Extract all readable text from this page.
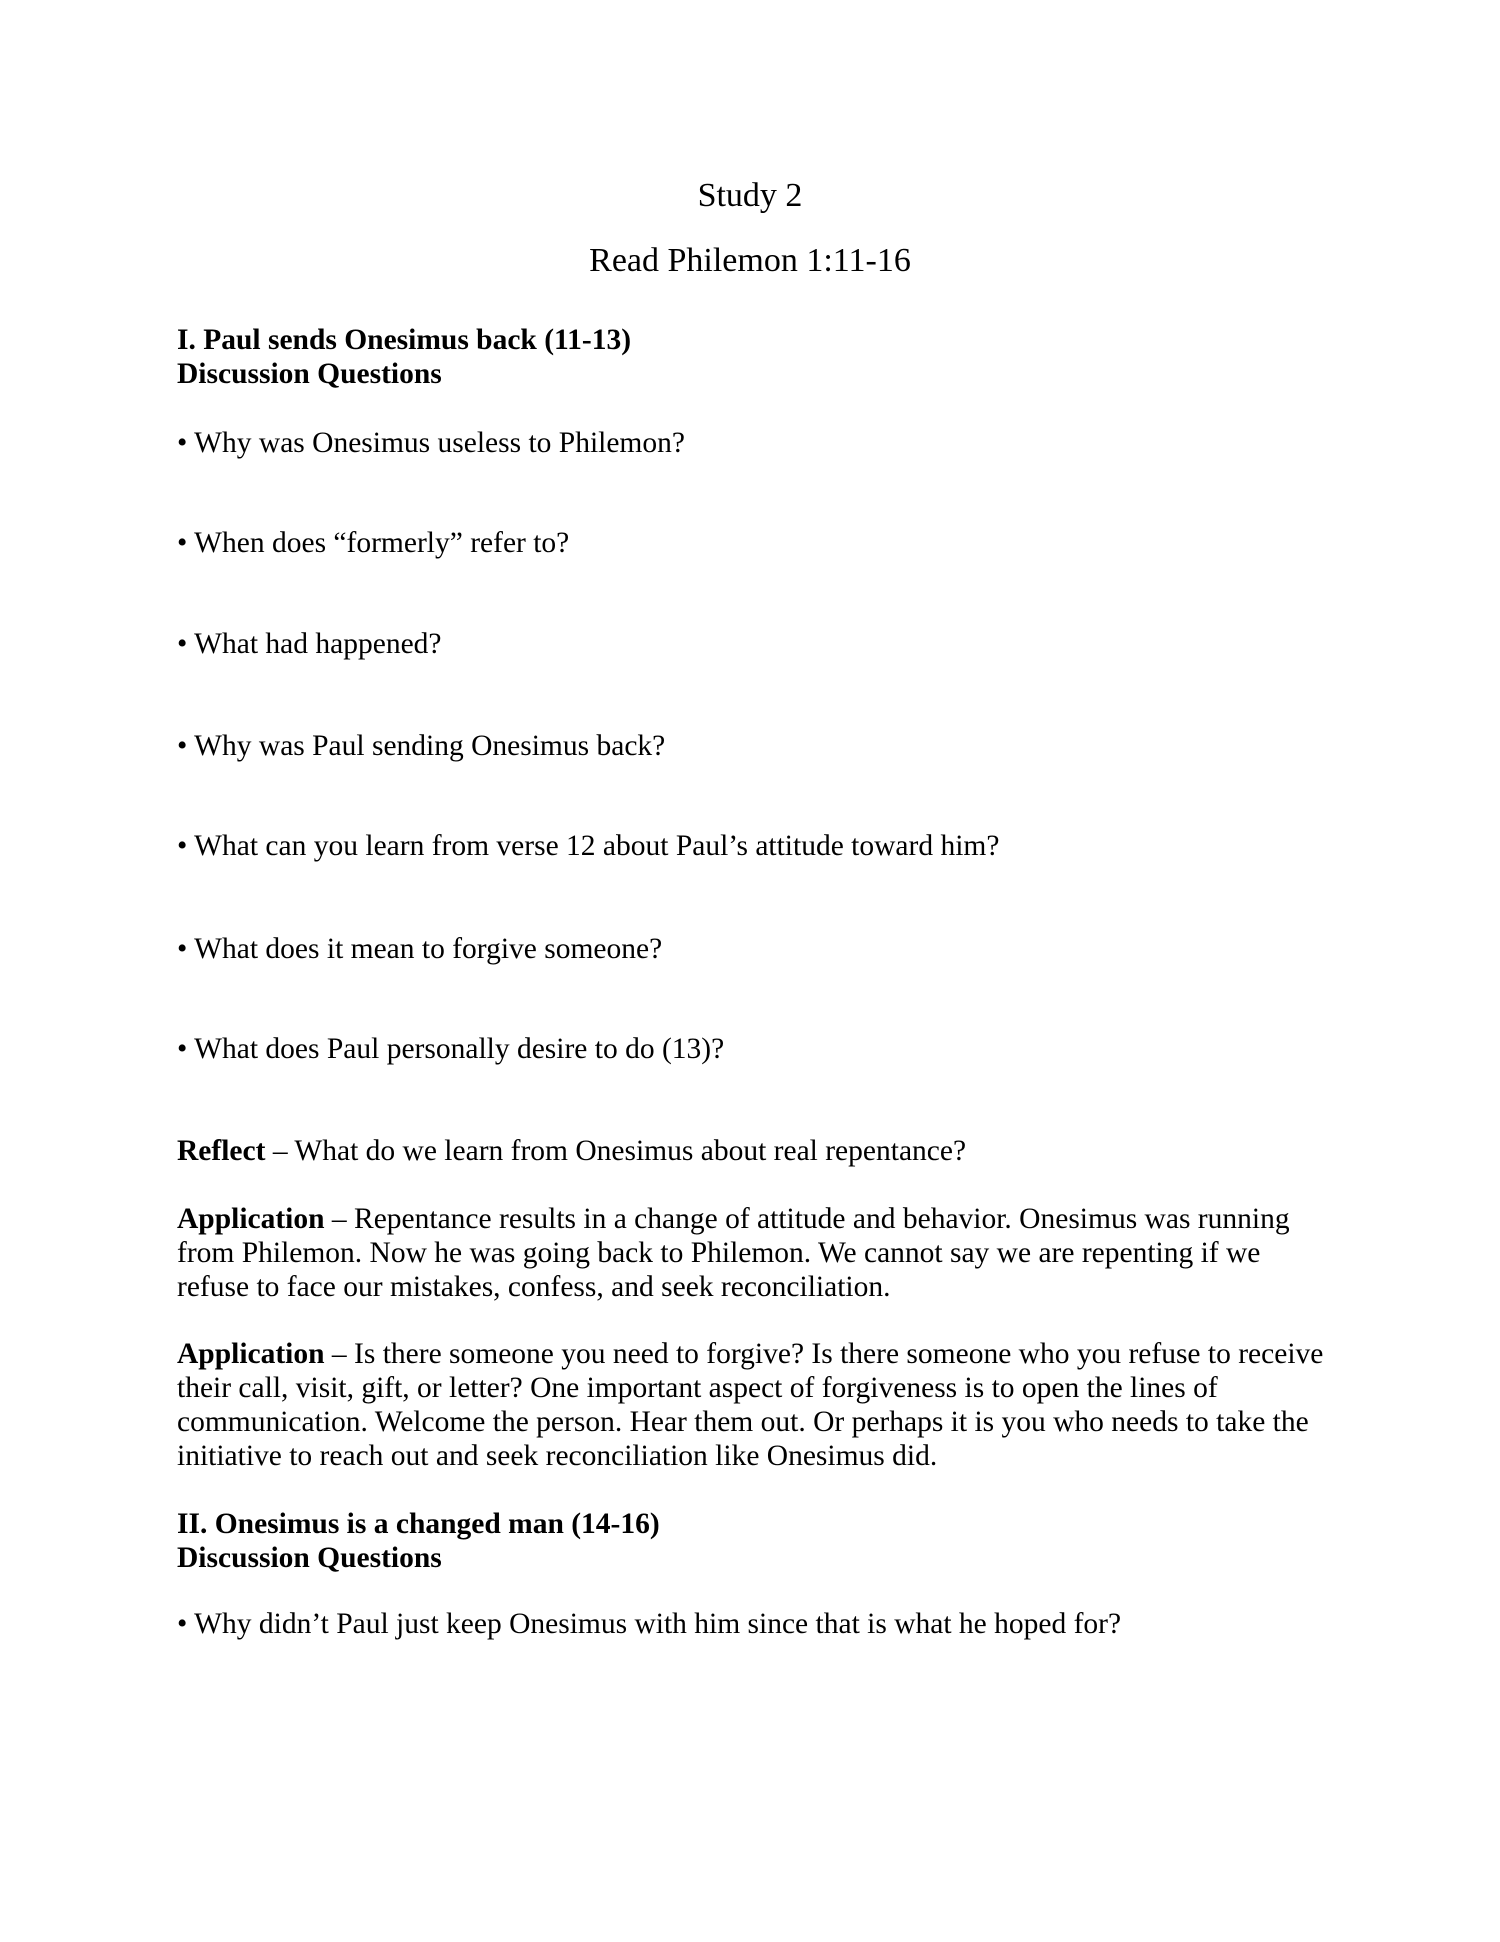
Study 2
Read Philemon 1:11-16
I. Paul sends Onesimus back (11-13)
Discussion Questions
• Why was Onesimus useless to Philemon?
• When does “formerly” refer to?
• What had happened?
• Why was Paul sending Onesimus back?
• What can you learn from verse 12 about Paul’s attitude toward him?
• What does it mean to forgive someone?
• What does Paul personally desire to do (13)?
Reflect – What do we learn from Onesimus about real repentance?
Application – Repentance results in a change of attitude and behavior. Onesimus was running
from Philemon. Now he was going back to Philemon. We cannot say we are repenting if we
refuse to face our mistakes, confess, and seek reconciliation.
Application – Is there someone you need to forgive? Is there someone who you refuse to receive
their call, visit, gift, or letter? One important aspect of forgiveness is to open the lines of
communication. Welcome the person. Hear them out. Or perhaps it is you who needs to take the
initiative to reach out and seek reconciliation like Onesimus did.
II. Onesimus is a changed man (14-16)
Discussion Questions
• Why didn’t Paul just keep Onesimus with him since that is what he hoped for?
